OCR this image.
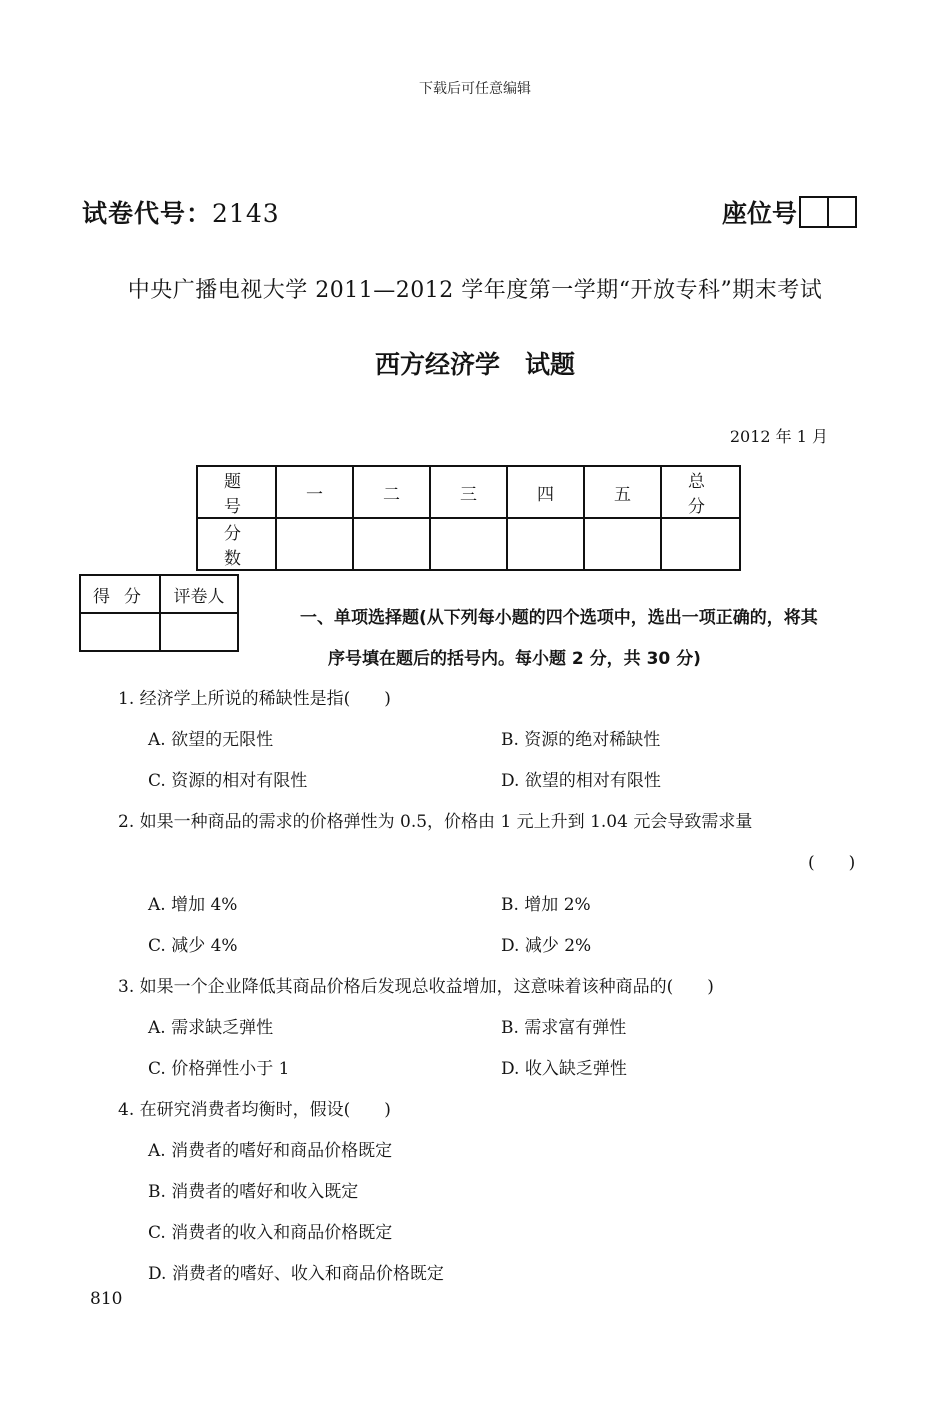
下载后可任意编辑
试卷代号：2143	座位号
中央广播电视大学 2011—2012 学年度第一学期“开放专科”期末考试
西方经济学　试题
2012 年 1 月
题号	一	二	三	四	五	总分
分数						
得分	评卷人

一、单项选择题(从下列每小题的四个选项中，选出一项正确的，将其
序号填在题后的括号内。每小题 2 分，共 30 分)
1. 经济学上所说的稀缺性是指(　　)
A. 欲望的无限性	B. 资源的绝对稀缺性
C. 资源的相对有限性	D. 欲望的相对有限性
2. 如果一种商品的需求的价格弹性为 0.5，价格由 1 元上升到 1.04 元会导致需求量
(　　)
A. 增加 4%	B. 增加 2%
C. 减少 4%	D. 减少 2%
3. 如果一个企业降低其商品价格后发现总收益增加，这意味着该种商品的(　　)
A. 需求缺乏弹性	B. 需求富有弹性
C. 价格弹性小于 1	D. 收入缺乏弹性
4. 在研究消费者均衡时，假设(　　)
A. 消费者的嗜好和商品价格既定
B. 消费者的嗜好和收入既定
C. 消费者的收入和商品价格既定
D. 消费者的嗜好、收入和商品价格既定
810
